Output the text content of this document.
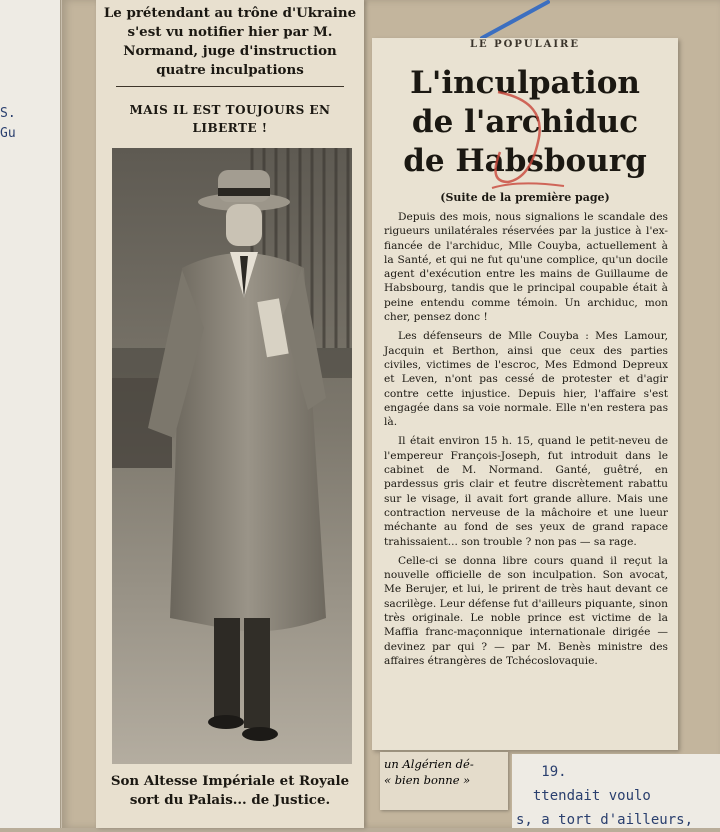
S.
Gu
Le prétendant au trône d'Ukraine s'est vu notifier hier par M. Normand, juge d'instruction quatre inculpations
MAIS IL EST TOUJOURS EN LIBERTE !
Son Altesse Impériale et Royale sort du Palais... de Justice.
LE POPULAIRE
L'inculpation
de l'archiduc
de Habsbourg
(Suite de la première page)

Depuis des mois, nous signalions le scandale des rigueurs unilatérales réservées par la justice à l'ex-fiancée de l'archiduc, Mlle Couyba, actuellement à la Santé, et qui ne fut qu'une complice, qu'un docile agent d'exécution entre les mains de Guillaume de Habsbourg, tandis que le principal coupable était à peine entendu comme témoin. Un archiduc, mon cher, pensez donc !

Les défenseurs de Mlle Couyba : Mes Lamour, Jacquin et Berthon, ainsi que ceux des parties civiles, victimes de l'escroc, Mes Edmond Depreux et Leven, n'ont pas cessé de protester et d'agir contre cette injustice. Depuis hier, l'affaire s'est engagée dans sa voie normale. Elle n'en restera pas là.

Il était environ 15 h. 15, quand le petit-neveu de l'empereur François-Joseph, fut introduit dans le cabinet de M. Normand. Ganté, guêtré, en pardessus gris clair et feutre discrètement rabattu sur le visage, il avait fort grande allure. Mais une contraction nerveuse de la mâchoire et une lueur méchante au fond de ses yeux de grand rapace trahissaient... son trouble ? non pas — sa rage.

Celle-ci se donna libre cours quand il reçut la nouvelle officielle de son inculpation. Son avocat, Me Berujer, et lui, le prirent de très haut devant ce sacrilège. Leur défense fut d'ailleurs piquante, sinon très originale. Le noble prince est victime de la Maffia franc-maçonnique internationale dirigée — devinez par qui ? — par M. Benès ministre des affaires étrangères de Tchécoslovaquie.

un Algérien dé-
« bien bonne »	19.
ttendait voulo
s, a tort d'ailleurs,
